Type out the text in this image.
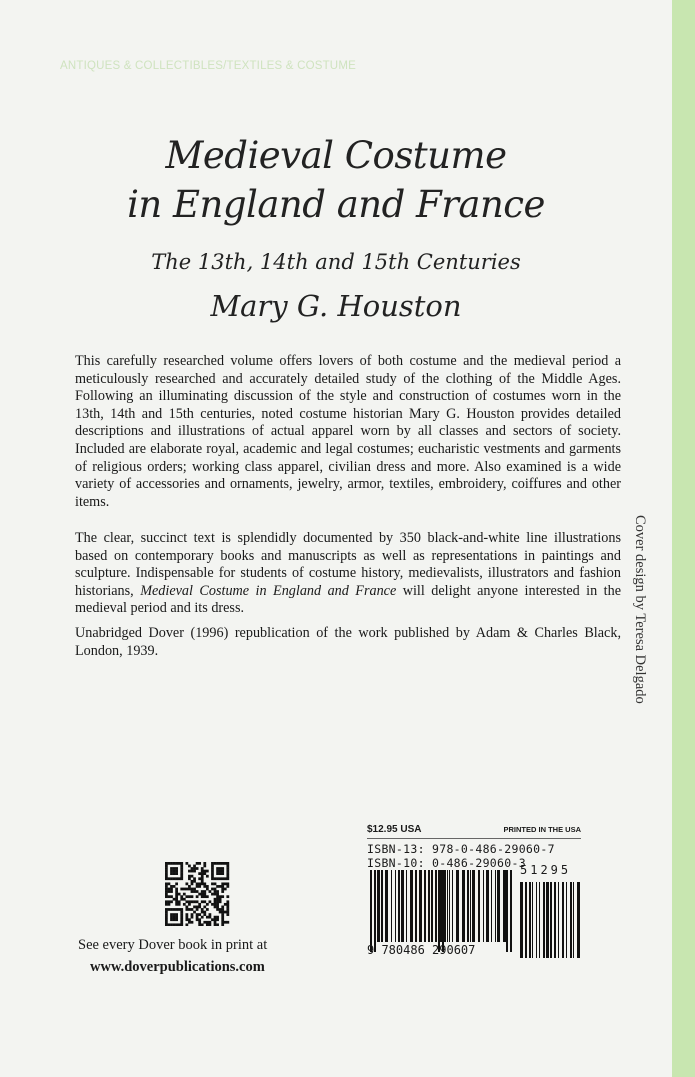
ANTIQUES & COLLECTIBLES/TEXTILES & COSTUME
Medieval Costume
in England and France
The 13th, 14th and 15th Centuries
Mary G. Houston
This carefully researched volume offers lovers of both costume and the medieval period a meticulously researched and accurately detailed study of the clothing of the Middle Ages. Following an illuminating discussion of the style and construction of costumes worn in the 13th, 14th and 15th centuries, noted costume historian Mary G. Houston provides detailed descriptions and illustrations of actual apparel worn by all classes and sectors of society. Included are elaborate royal, academic and legal costumes; eucharistic vestments and garments of religious orders; working class apparel, civilian dress and more. Also examined is a wide variety of accessories and ornaments, jewelry, armor, textiles, embroidery, coiffures and other items.
The clear, succinct text is splendidly documented by 350 black-and-white line illustrations based on contemporary books and manuscripts as well as representations in paintings and sculpture. Indispensable for students of costume history, medievalists, illustrators and fashion historians, Medieval Costume in England and France will delight anyone interested in the medieval period and its dress.
Unabridged Dover (1996) republication of the work published by Adam & Charles Black, London, 1939.	Cover design by Teresa Delgado
$12.95 USA	PRINTED IN THE USA
ISBN-13: 978-0-486-29060-7
ISBN-10: 0-486-29060-3
9 780486 290607
51295
See every Dover book in print at
www.doverpublications.com
